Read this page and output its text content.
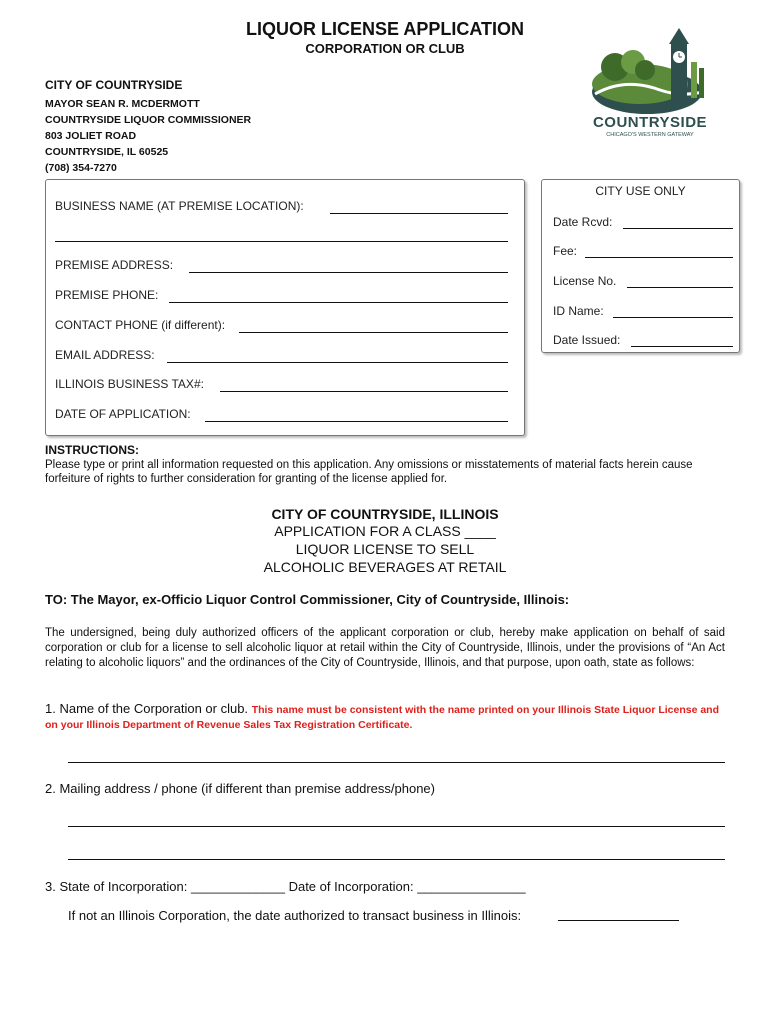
LIQUOR LICENSE APPLICATION
CORPORATION OR CLUB
CITY OF COUNTRYSIDE
MAYOR SEAN R. MCDERMOTT
COUNTRYSIDE LIQUOR COMMISSIONER
803 JOLIET ROAD
COUNTRYSIDE, IL 60525
(708) 354-7270
COUNTRYSIDE
CHICAGO'S WESTERN GATEWAY
BUSINESS NAME (AT PREMISE LOCATION):
PREMISE ADDRESS:
PREMISE PHONE:
CONTACT PHONE (if different):
EMAIL ADDRESS:
ILLINOIS BUSINESS TAX#:
DATE OF APPLICATION:
CITY USE ONLY
Date Rcvd:
Fee:
License No.
ID Name:
Date Issued:
INSTRUCTIONS:
Please type or print all information requested on this application. Any omissions or misstatements of material facts herein cause forfeiture of rights to further consideration for granting of the license applied for.
CITY OF COUNTRYSIDE, ILLINOIS
APPLICATION FOR A CLASS ____
LIQUOR LICENSE TO SELL
ALCOHOLIC BEVERAGES AT RETAIL
TO: The Mayor, ex-Officio Liquor Control Commissioner, City of Countryside, Illinois:
The undersigned, being duly authorized officers of the applicant corporation or club, hereby make application on behalf of said corporation or club for a license to sell alcoholic liquor at retail within the City of Countryside, Illinois, under the provisions of “An Act relating to alcoholic liquors” and the ordinances of the City of Countryside, Illinois, and that purpose, upon oath, state as follows:
1. Name of the Corporation or club. This name must be consistent with the name printed on your Illinois State Liquor License and on your Illinois Department of Revenue Sales Tax Registration Certificate.
2. Mailing address / phone (if different than premise address/phone)
3. State of Incorporation: _____________ Date of Incorporation: _______________
If not an Illinois Corporation, the date authorized to transact business in Illinois:
